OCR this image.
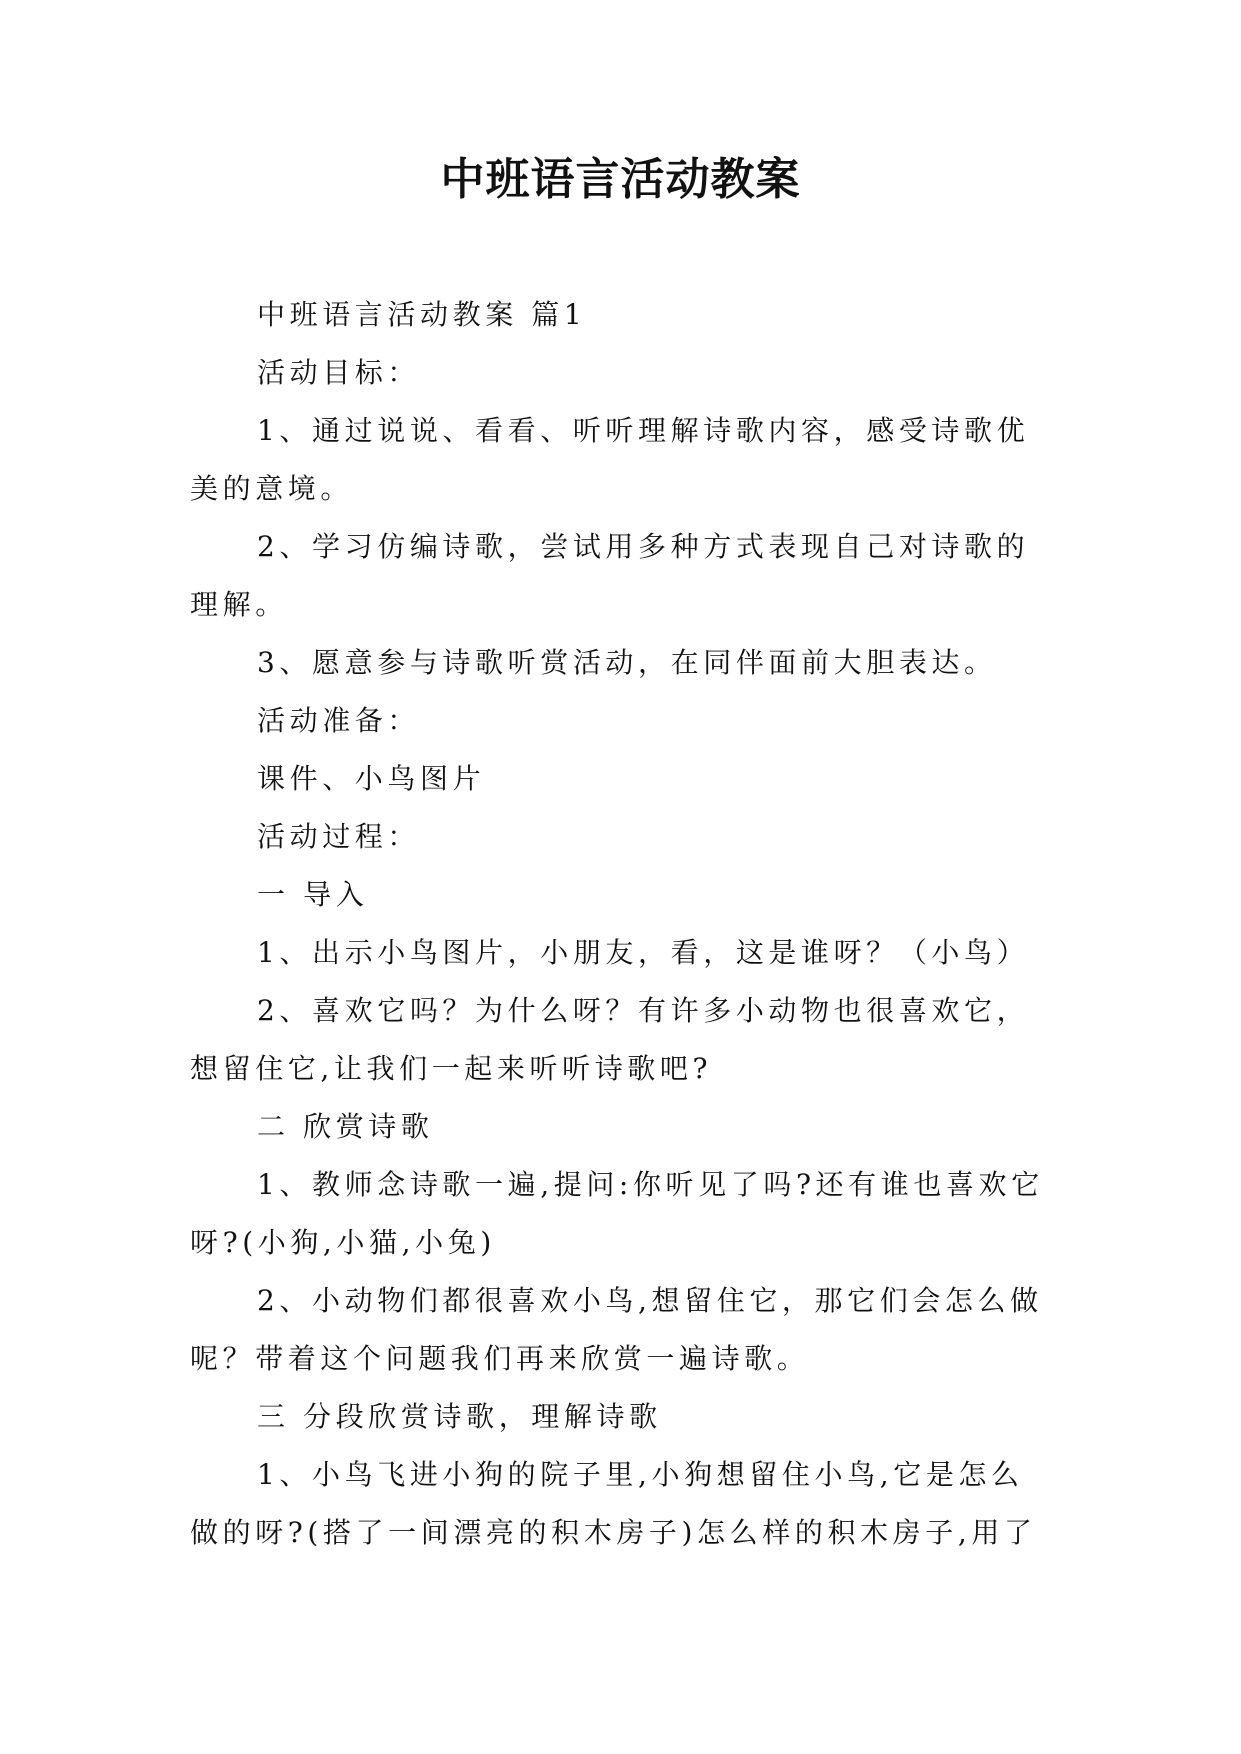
中班语言活动教案

中班语言活动教案 篇1

活动目标：

1、通过说说、看看、听听理解诗歌内容，感受诗歌优
美的意境。

2、学习仿编诗歌，尝试用多种方式表现自己对诗歌的
理解。

3、愿意参与诗歌听赏活动，在同伴面前大胆表达。

活动准备：

课件、小鸟图片

活动过程：

一 导入

1、出示小鸟图片，小朋友，看，这是谁呀？（小鸟）

2、喜欢它吗？为什么呀？有许多小动物也很喜欢它，
想留住它,让我们一起来听听诗歌吧?

二 欣赏诗歌

1、教师念诗歌一遍,提问:你听见了吗?还有谁也喜欢它
呀?(小狗,小猫,小兔)

2、小动物们都很喜欢小鸟,想留住它，那它们会怎么做
呢？带着这个问题我们再来欣赏一遍诗歌。

三 分段欣赏诗歌，理解诗歌

1、小鸟飞进小狗的院子里,小狗想留住小鸟,它是怎么
做的呀?(搭了一间漂亮的积木房子)怎么样的积木房子,用了
